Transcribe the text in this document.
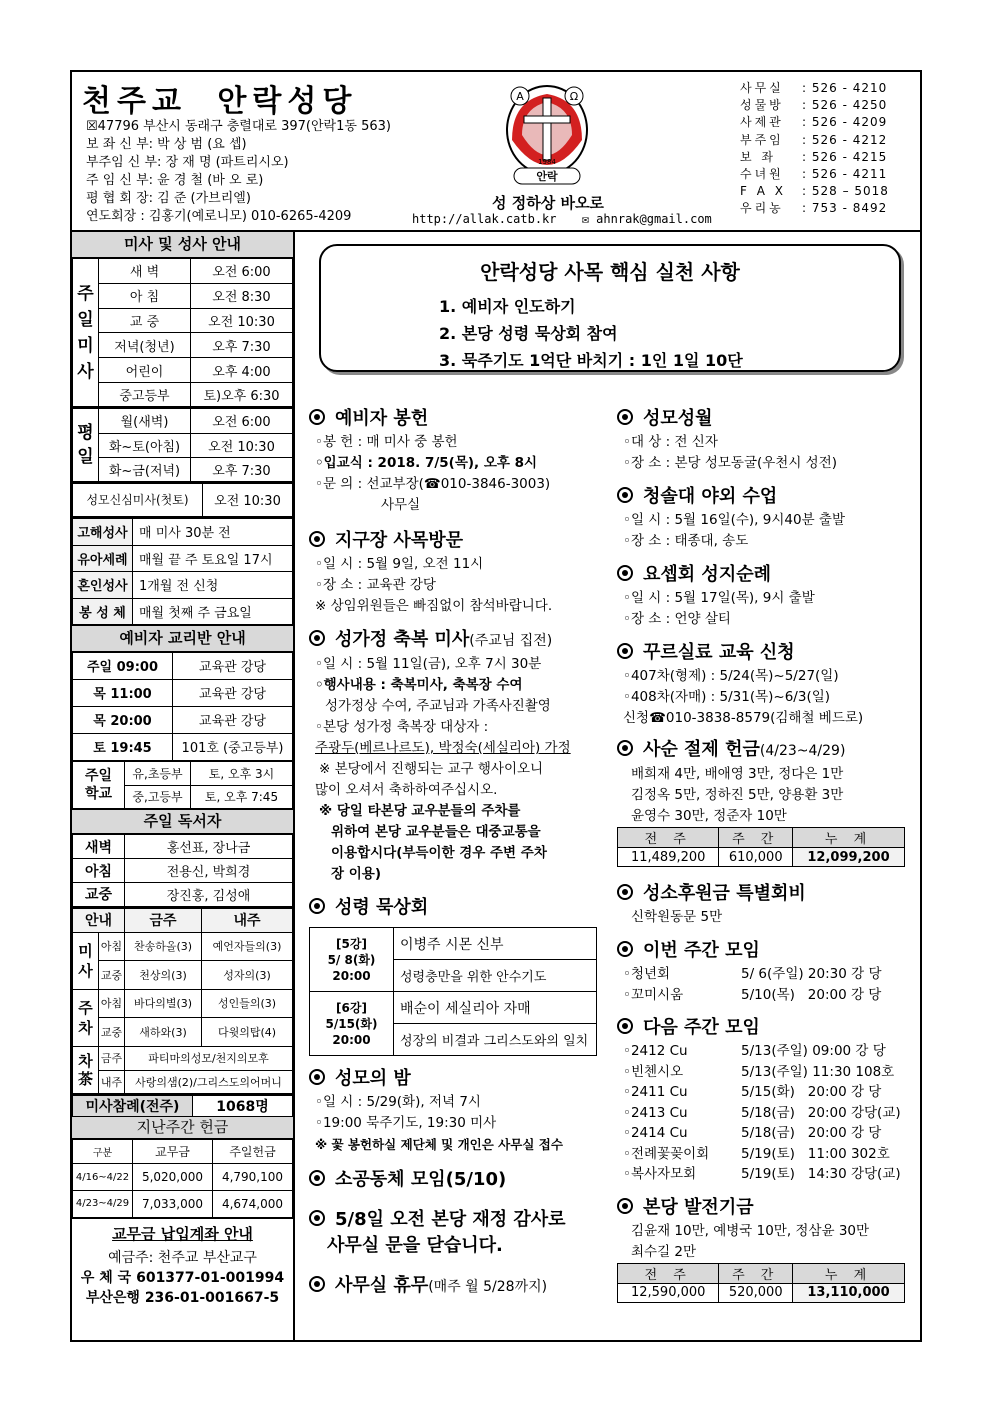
천주교 안락성당
☒47796 부산시 동래구 충렬대로 397(안락1동 563)
보 좌 신 부: 박 상 범 (요 셉)
부주임 신 부: 장 재 명 (파트리시오)
주 임 신 부: 윤 경 철 (바 오 로)
평 협 회 장: 김 준 (가브리엘)
연도회장 : 김홍기(예로니모) 010-6265-4209
A	Ω
안락
1984
성 정하상 바오로
http://allak.catb.kr ✉ ahnrak@gmail.com
사무실	: 526 - 4210
성물방	: 526 - 4250
사제관	: 526 - 4209
부주임	: 526 - 4212
보 좌	: 526 - 4215
수녀원	: 526 - 4211
F A X	: 528 – 5018
우리농	: 753 - 8492
미사 및 성사 안내
주
일
미
사	새 벽	오전 6:00
	아 침	오전 8:30
	교 중	오전 10:30
	저녁(청년)	오후 7:30
	어린이	오후 4:00
	중고등부	토)오후 6:30
평
일	월(새벽)	오전 6:00
	화~토(아침)	오전 10:30
	화~금(저녁)	오후 7:30
성모신심미사(첫토)	오전 10:30
고해성사	매 미사 30분 전
유아세례	매월 끝 주 토요일 17시
혼인성사	1개월 전 신청
봉 성 체	매월 첫째 주 금요일
예비자 교리반 안내
주일 09:00	교육관 강당
목 11:00	교육관 강당
목 20:00	교육관 강당
토 19:45	101호 (중고등부)
주일
학교	유,초등부	토, 오후 3시
	중,고등부	토, 오후 7:45
주일 독서자
새벽	홍선표, 장나금
아침	전용신, 박희경
교중	장진홍, 김성애
안내		금주	내주
미
사	아침	찬송하올(3)	예언자들의(3)
	교중	천상의(3)	성자의(3)
주
차	아침	바다의별(3)	성인들의(3)
	교중	새하와(3)	다윗의탑(4)
차
茶	금주	파티마의성모/천지의모후	
	내주	사랑의샘(2)/그리스도의어머니	
미사참례(전주)	1068명
지난주간 헌금
구분	교무금	주일헌금
4/16~4/22	5,020,000	4,790,100
4/23~4/29	7,033,000	4,674,000
교무금 납입계좌 안내
예금주: 천주교 부산교구
우 체 국 601377-01-001994
부산은행 236-01-001667-5
안락성당 사목 핵심 실천 사항
1. 예비자 인도하기
2. 본당 성령 묵상회 참여
3. 묵주기도 1억단 바치기 : 1인 1일 10단
예비자 봉헌
◦봉 헌 : 매 미사 중 봉헌
◦입교식 : 2018. 7/5(목), 오후 8시
◦문 의 : 선교부장(☎010-3846-3003)
사무실
지구장 사목방문
◦일 시 : 5월 9일, 오전 11시
◦장 소 : 교육관 강당
※ 상임위원들은 빠짐없이 참석바랍니다.
성가정 축복 미사(주교님 집전)
◦일 시 : 5월 11일(금), 오후 7시 30분
◦행사내용 : 축복미사, 축복장 수여
성가정상 수여, 주교님과 가족사진촬영
◦본당 성가정 축복장 대상자 :
주광두(베르나르도), 박정숙(세실리아) 가정
※ 본당에서 진행되는 교구 행사이오니
많이 오셔서 축하하여주십시오.
※ 당일 타본당 교우분들의 주차를
위하여 본당 교우분들은 대중교통을
이용합시다(부득이한 경우 주변 주차
장 이용)
성령 묵상회
[5강]
5/ 8(화)
20:00	이병주 시몬 신부
	성령충만을 위한 안수기도

[6강]
5/15(화)
20:00	배순이 세실리아 자매
	성장의 비결과 그리스도와의 일치
성모의 밤
◦일 시 : 5/29(화), 저녁 7시
◦19:00 묵주기도, 19:30 미사
※ 꽃 봉헌하실 제단체 및 개인은 사무실 접수
소공동체 모임(5/10)
5/8일 오전 본당 재정 감사로
사무실 문을 닫습니다.
사무실 휴무(매주 월 5/28까지)
성모성월
◦대 상 : 전 신자
◦장 소 : 본당 성모동굴(우천시 성전)
청솔대 야외 수업
◦일 시 : 5월 16일(수), 9시40분 출발
◦장 소 : 태종대, 송도
요셉회 성지순례
◦일 시 : 5월 17일(목), 9시 출발
◦장 소 : 언양 살티
꾸르실료 교육 신청
◦407차(형제) : 5/24(목)~5/27(일)
◦408차(자매) : 5/31(목)~6/3(일)
신청☎010-3838-8579(김해철 베드로)
사순 절제 헌금(4/23~4/29)
배희재 4만, 배애영 3만, 정다은 1만
김정옥 5만, 정하진 5만, 양용환 3만
윤영수 30만, 정준자 10만
전 주	주 간	누 계
11,489,200	610,000	12,099,200
성소후원금 특별회비
신학원동문 5만
이번 주간 모임
◦청년회	5/ 6(주일) 20:30 강 당
◦꼬미시움	5/10(목)   20:00 강 당
다음 주간 모임
◦2412 Cu	5/13(주일) 09:00 강 당
◦빈첸시오	5/13(주일) 11:30 108호
◦2411 Cu	5/15(화)   20:00 강 당
◦2413 Cu	5/18(금)   20:00 강당(교)
◦2414 Cu	5/18(금)   20:00 강 당
◦전례꽃꽂이회	5/19(토)   11:00 302호
◦복사자모회	5/19(토)   14:30 강당(교)
본당 발전기금
김윤재 10만, 예병국 10만, 정삼윤 30만
최수길 2만
전 주	주 간	누 계
12,590,000	520,000	13,110,000
